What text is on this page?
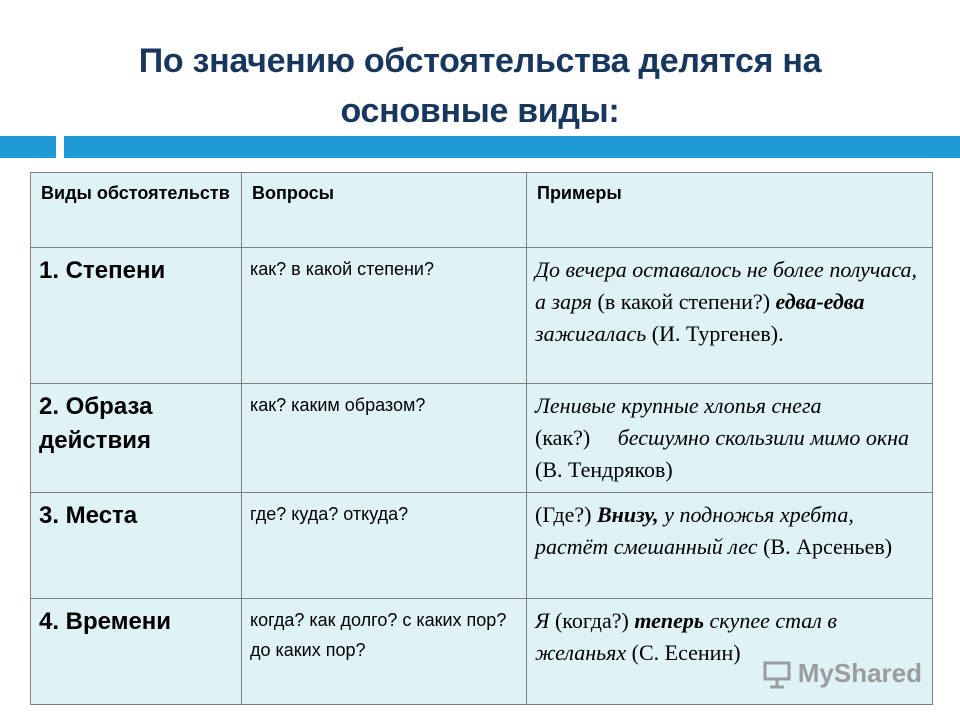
По значению обстоятельства делятся на
основные виды:
Виды обстоятельств	Вопросы	Примеры
1. Степени	как? в какой степени?	До вечера оставалось не более получаса, а заря (в какой степени?) едва-едва зажигалась (И. Тургенев).
2. Образа действия	как? каким образом?	Ленивые крупные хлопья снега (как?)     бесшумно скользили мимо окна (В. Тендряков)
3. Места	где? куда? откуда?	(Где?) Внизу, у подножья хребта, растёт смешанный лес (В. Арсеньев)
4. Времени	когда? как долго? с каких пор? до каких пор?	Я (когда?) теперь скупее стал в желаньях (С. Есенин)
MyShared
